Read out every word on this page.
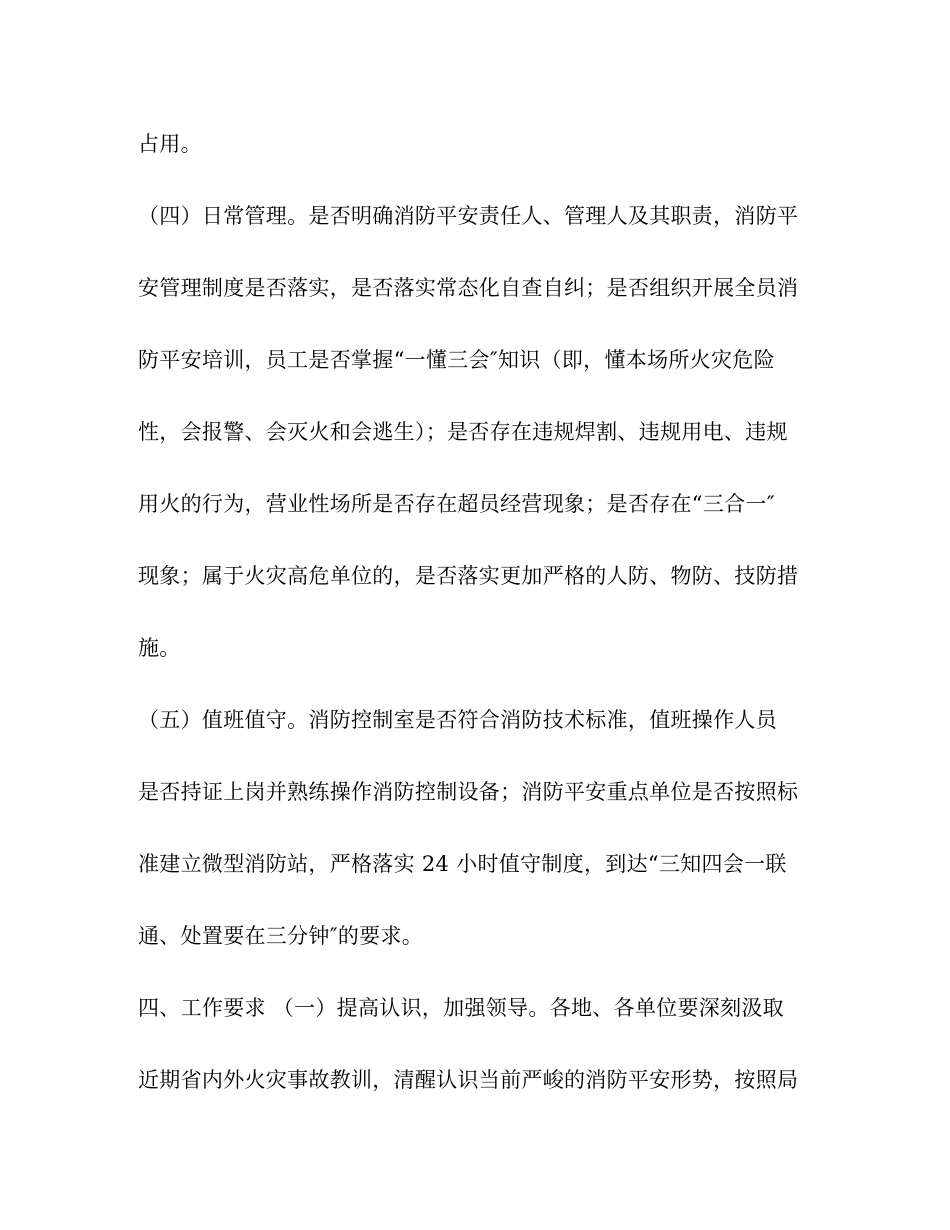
占用。

（四）日常管理。是否明确消防平安责任人、管理人及其职责，消防平

安管理制度是否落实，是否落实常态化自查自纠；是否组织开展全员消

防平安培训，员工是否掌握“一懂三会″知识（即，懂本场所火灾危险

性，会报警、会灭火和会逃生）；是否存在违规焊割、违规用电、违规

用火的行为，营业性场所是否存在超员经营现象；是否存在“三合一″

现象；属于火灾高危单位的，是否落实更加严格的人防、物防、技防措

施。

（五）值班值守。消防控制室是否符合消防技术标准，值班操作人员

是否持证上岗并熟练操作消防控制设备；消防平安重点单位是否按照标

准建立微型消防站，严格落实 24 小时值守制度，到达“三知四会一联

通、处置要在三分钟″的要求。

四、工作要求 （一）提高认识，加强领导。各地、各单位要深刻汲取

近期省内外火灾事故教训，清醒认识当前严峻的消防平安形势，按照局
